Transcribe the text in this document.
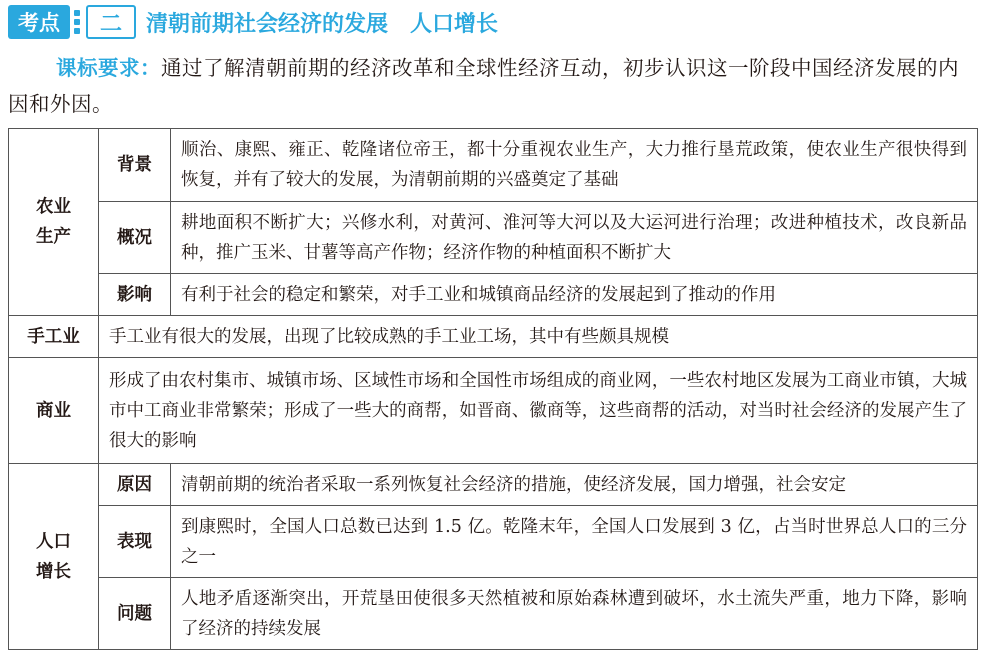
考点	二	清朝前期社会经济的发展　人口增长
课标要求：通过了解清朝前期的经济改革和全球性经济互动，初步认识这一阶段中国经济发展的内因和外因。
农业生产	背景	顺治、康熙、雍正、乾隆诸位帝王，都十分重视农业生产，大力推行垦荒政策，使农业生产很快得到恢复，并有了较大的发展，为清朝前期的兴盛奠定了基础
	概况	耕地面积不断扩大；兴修水利，对黄河、淮河等大河以及大运河进行治理；改进种植技术，改良新品种，推广玉米、甘薯等高产作物；经济作物的种植面积不断扩大
	影响	有利于社会的稳定和繁荣，对手工业和城镇商品经济的发展起到了推动的作用
手工业	手工业有很大的发展，出现了比较成熟的手工业工场，其中有些颇具规模	
商业	形成了由农村集市、城镇市场、区域性市场和全国性市场组成的商业网，一些农村地区发展为工商业市镇，大城市中工商业非常繁荣；形成了一些大的商帮，如晋商、徽商等，这些商帮的活动，对当时社会经济的发展产生了很大的影响	

人口增长	原因	清朝前期的统治者采取一系列恢复社会经济的措施，使经济发展，国力增强，社会安定
	表现	到康熙时，全国人口总数已达到 1.5 亿。乾隆末年，全国人口发展到 3 亿，占当时世界总人口的三分之一
	问题	人地矛盾逐渐突出，开荒垦田使很多天然植被和原始森林遭到破坏，水土流失严重，地力下降，影响了经济的持续发展
